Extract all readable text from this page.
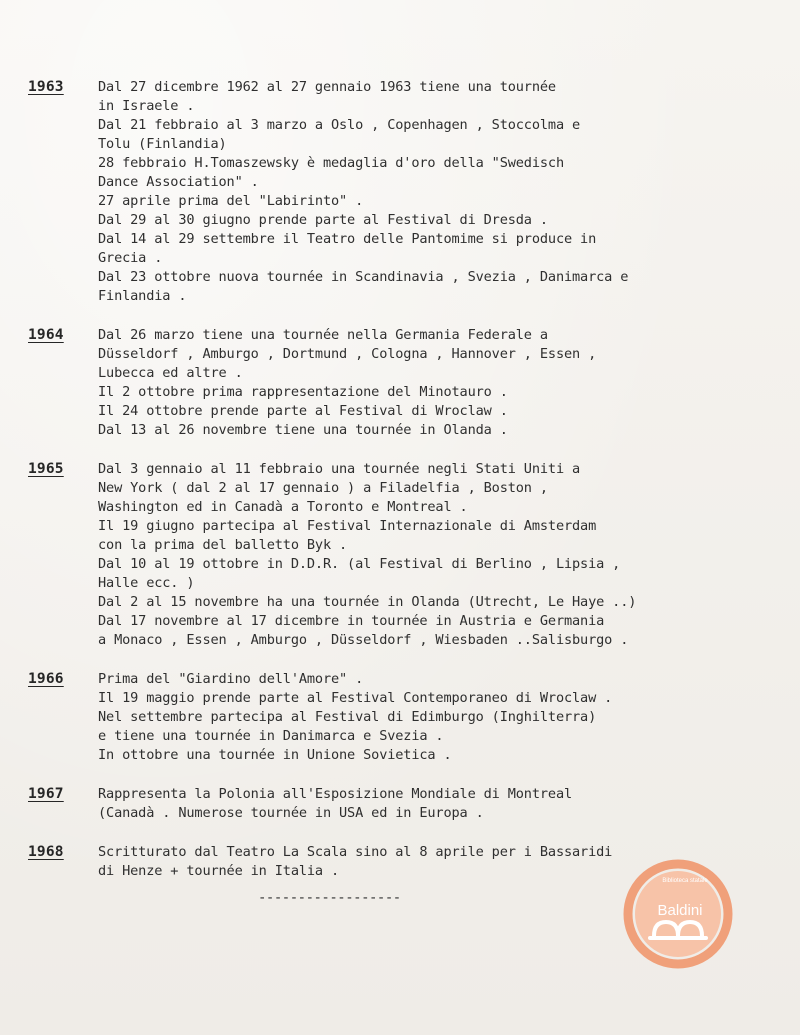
1963	Dal 27 dicembre 1962 al 27 gennaio 1963 tiene una tournée
in Israele .
Dal 21 febbraio al 3 marzo a Oslo , Copenhagen , Stoccolma e
Tolu (Finlandia)
28 febbraio H.Tomaszewsky è medaglia d'oro della "Swedisch
Dance Association" .
27 aprile prima del "Labirinto" .
Dal 29 al 30 giugno prende parte al Festival di Dresda .
Dal 14 al 29 settembre il Teatro delle Pantomime si produce in
Grecia .
Dal 23 ottobre nuova tournée in Scandinavia , Svezia , Danimarca e
Finlandia .
1964	Dal 26 marzo tiene una tournée nella Germania Federale a
Düsseldorf , Amburgo , Dortmund , Cologna , Hannover , Essen ,
Lubecca ed altre .
Il 2 ottobre prima rappresentazione del Minotauro .
Il 24 ottobre prende parte al Festival di Wroclaw .
Dal 13 al 26 novembre tiene una tournée in Olanda .
1965	Dal 3 gennaio al 11 febbraio una tournée negli Stati Uniti a
New York ( dal 2 al 17 gennaio ) a Filadelfia , Boston ,
Washington ed in Canadà a Toronto e Montreal .
Il 19 giugno partecipa al Festival Internazionale di Amsterdam
con la prima del balletto Byk .
Dal 10 al 19 ottobre in D.D.R. (al Festival di Berlino , Lipsia ,
Halle ecc. )
Dal 2 al 15 novembre ha una tournée in Olanda (Utrecht, Le Haye ..)
Dal 17 novembre al 17 dicembre in tournée in Austria e Germania
a Monaco , Essen , Amburgo , Düsseldorf , Wiesbaden ..Salisburgo .
1966	Prima del "Giardino dell'Amore" .
Il 19 maggio prende parte al Festival Contemporaneo di Wroclaw .
Nel settembre partecipa al Festival di Edimburgo (Inghilterra)
e tiene una tournée in Danimarca e Svezia .
In ottobre una tournée in Unione Sovietica .
1967	Rappresenta la Polonia all'Esposizione Mondiale di Montreal
(Canadà . Numerose tournée in USA ed in Europa .
1968	Scritturato dal Teatro La Scala sino al 8 aprile per i Bassaridi
di Henze + tournée in Italia .
------------------
Biblioteca statale
Baldini
